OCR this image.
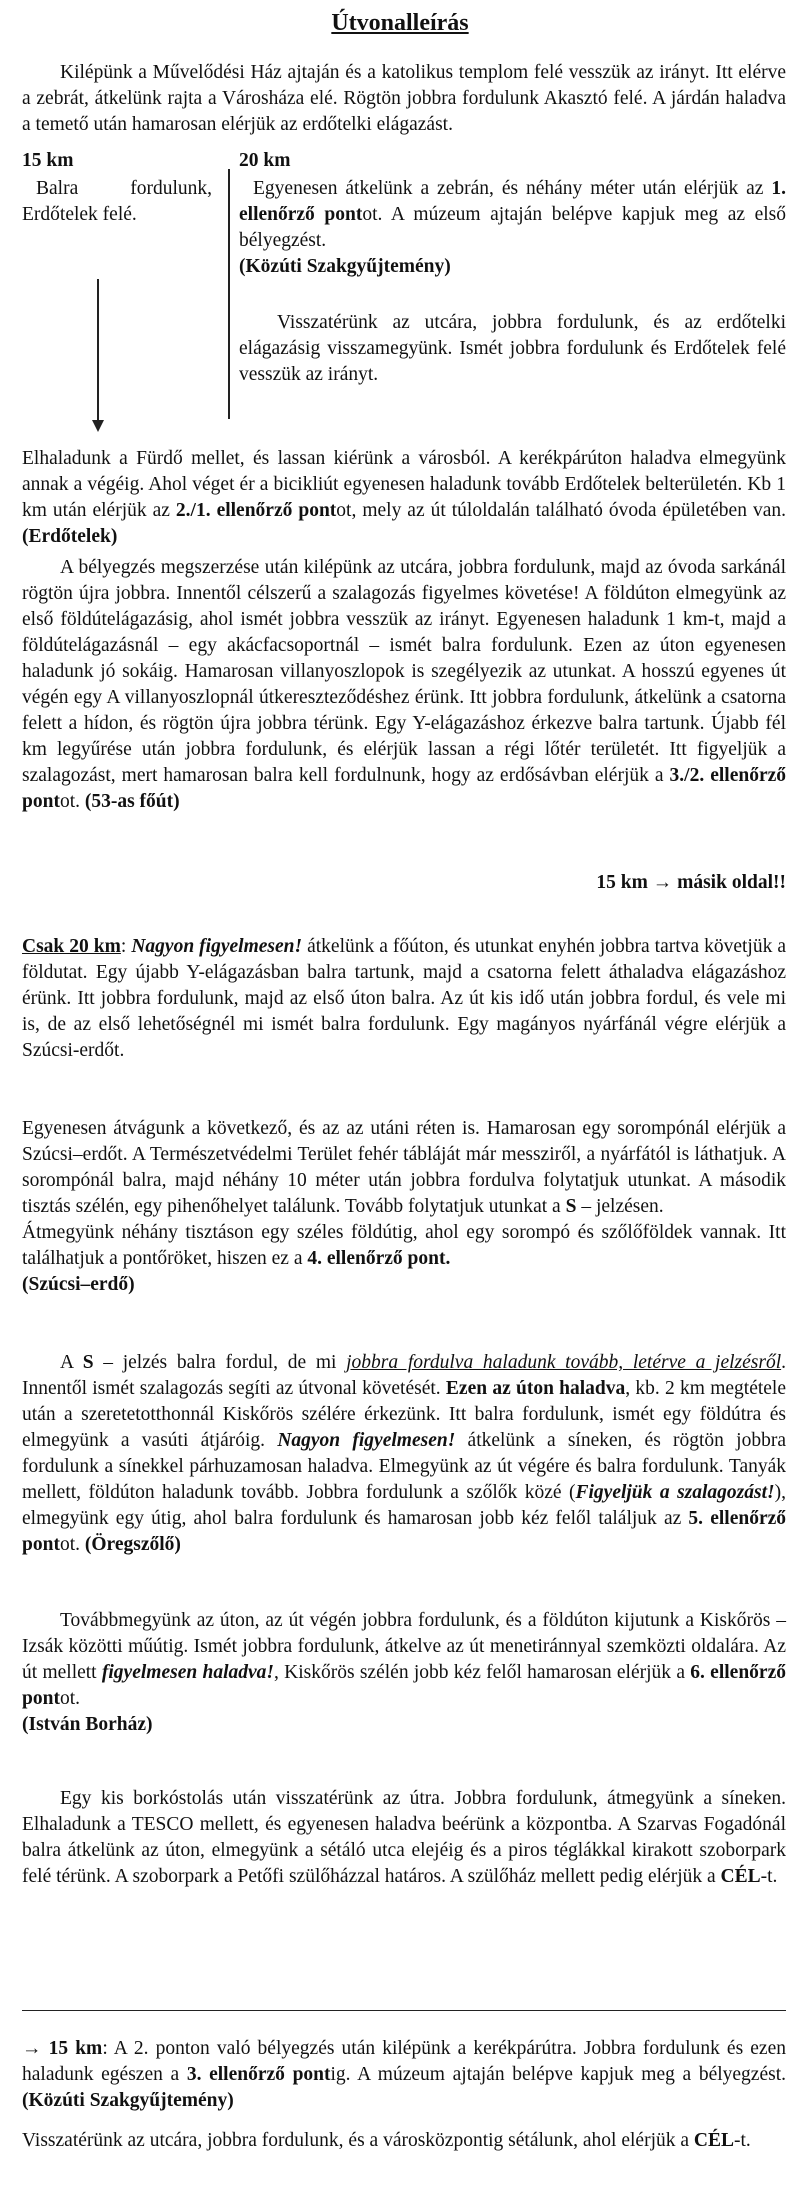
Útvonalleírás

Kilépünk a Művelődési Ház ajtaján és a katolikus templom felé vesszük az irányt. Itt elérve a zebrát, átkelünk rajta a Városháza elé. Rögtön jobbra fordulunk Akasztó felé. A járdán haladva a temető után hamarosan elérjük az erdőtelki elágazást.

15 km

Balra fordulunk, Erdőtelek felé.

20 km

Egyenesen átkelünk a zebrán, és néhány méter után elérjük az 1. ellenőrző pontot. A múzeum ajtaján belépve kapjuk meg az első bélyegzést.

(Közúti Szakgyűjtemény)

Visszatérünk az utcára, jobbra fordulunk, és az erdőtelki elágazásig visszamegyünk. Ismét jobbra fordulunk és Erdőtelek felé vesszük az irányt.

Elhaladunk a Fürdő mellet, és lassan kiérünk a városból. A kerékpárúton haladva elmegyünk annak a végéig. Ahol véget ér a bicikliút egyenesen haladunk tovább Erdőtelek belterületén. Kb 1 km után elérjük az 2./1. ellenőrző pontot, mely az út túloldalán található óvoda épületében van. (Erdőtelek)

A bélyegzés megszerzése után kilépünk az utcára, jobbra fordulunk, majd az óvoda sarkánál rögtön újra jobbra. Innentől célszerű a szalagozás figyelmes követése! A földúton elmegyünk az első földútelágazásig, ahol ismét jobbra vesszük az irányt. Egyenesen haladunk 1 km-t, majd a földútelágazásnál – egy akácfacsoportnál – ismét balra fordulunk. Ezen az úton egyenesen haladunk jó sokáig. Hamarosan villanyoszlopok is szegélyezik az utunkat. A hosszú egyenes út végén egy A villanyoszlopnál útkereszteződéshez érünk. Itt jobbra fordulunk, átkelünk a csatorna felett a hídon, és rögtön újra jobbra térünk. Egy Y-elágazáshoz érkezve balra tartunk. Újabb fél km legyűrése után jobbra fordulunk, és elérjük lassan a régi lőtér területét. Itt figyeljük a szalagozást, mert hamarosan balra kell fordulnunk, hogy az erdősávban elérjük a 3./2. ellenőrző pontot. (53-as főút)

15 km → másik oldal!!

Csak 20 km: Nagyon figyelmesen! átkelünk a főúton, és utunkat enyhén jobbra tartva követjük a földutat. Egy újabb Y-elágazásban balra tartunk, majd a csatorna felett áthaladva elágazáshoz érünk. Itt jobbra fordulunk, majd az első úton balra. Az út kis idő után jobbra fordul, és vele mi is, de az első lehetőségnél mi ismét balra fordulunk. Egy magányos nyárfánál végre elérjük a Szúcsi-erdőt.

Egyenesen átvágunk a következő, és az az utáni réten is. Hamarosan egy sorompónál elérjük a Szúcsi–erdőt. A Természetvédelmi Terület fehér tábláját már messziről, a nyárfától is láthatjuk. A sorompónál balra, majd néhány 10 méter után jobbra fordulva folytatjuk utunkat. A második tisztás szélén, egy pihenőhelyet találunk. Tovább folytatjuk utunkat a S – jelzésen.
Átmegyünk néhány tisztáson egy széles földútig, ahol egy sorompó és szőlőföldek vannak. Itt találhatjuk a pontőröket, hiszen ez a 4. ellenőrző pont.
(Szúcsi–erdő)

A S – jelzés balra fordul, de mi jobbra fordulva haladunk tovább, letérve a jelzésről. Innentől ismét szalagozás segíti az útvonal követését. Ezen az úton haladva, kb. 2 km megtétele után a szeretetotthonnál Kiskőrös szélére érkezünk. Itt balra fordulunk, ismét egy földútra és elmegyünk a vasúti átjáróig. Nagyon figyelmesen! átkelünk a síneken, és rögtön jobbra fordulunk a sínekkel párhuzamosan haladva. Elmegyünk az út végére és balra fordulunk. Tanyák mellett, földúton haladunk tovább. Jobbra fordulunk a szőlők közé (Figyeljük a szalagozást!), elmegyünk egy útig, ahol balra fordulunk és hamarosan jobb kéz felől találjuk az 5. ellenőrző pontot. (Öregszőlő)

Továbbmegyünk az úton, az út végén jobbra fordulunk, és a földúton kijutunk a Kiskőrös – Izsák közötti műútig. Ismét jobbra fordulunk, átkelve az út menetiránnyal szemközti oldalára. Az út mellett figyelmesen haladva!, Kiskőrös szélén jobb kéz felől hamarosan elérjük a 6. ellenőrző pontot.
(István Borház)

Egy kis borkóstolás után visszatérünk az útra. Jobbra fordulunk, átmegyünk a síneken. Elhaladunk a TESCO mellett, és egyenesen haladva beérünk a központba. A Szarvas Fogadónál balra átkelünk az úton, elmegyünk a sétáló utca elejéig és a piros téglákkal kirakott szoborpark felé térünk. A szoborpark a Petőfi szülőházzal határos. A szülőház mellett pedig elérjük a CÉL-t.

→ 15 km: A 2. ponton való bélyegzés után kilépünk a kerékpárútra. Jobbra fordulunk és ezen haladunk egészen a 3. ellenőrző pontig. A múzeum ajtaján belépve kapjuk meg a bélyegzést. (Közúti Szakgyűjtemény)

Visszatérünk az utcára, jobbra fordulunk, és a városközpontig sétálunk, ahol elérjük a CÉL-t.
